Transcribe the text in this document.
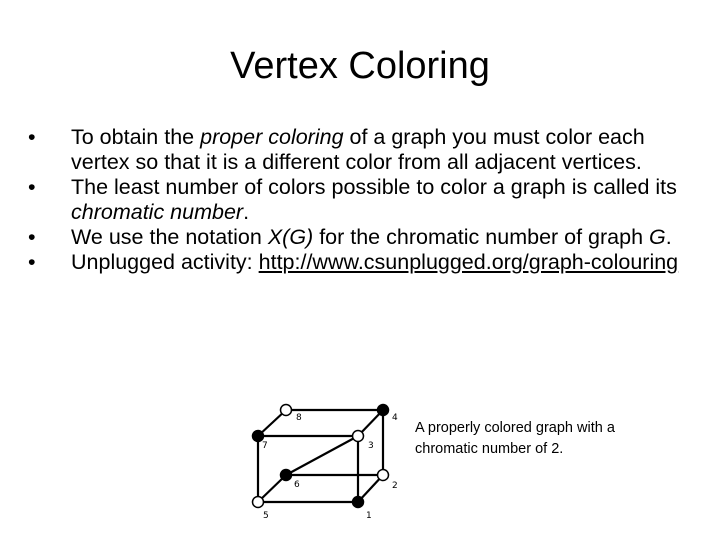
Vertex Coloring
•	To obtain the proper coloring of a graph you must color each vertex so that it is a different color from all adjacent vertices.
•	The least number of colors possible to color a graph is called its chromatic number.
•	We use the notation X(G) for the chromatic number of graph G.
•	Unplugged activity: http://www.csunplugged.org/graph-colouring
1
2
3
4
5
6
7
8
A properly colored graph with a chromatic number of 2.
